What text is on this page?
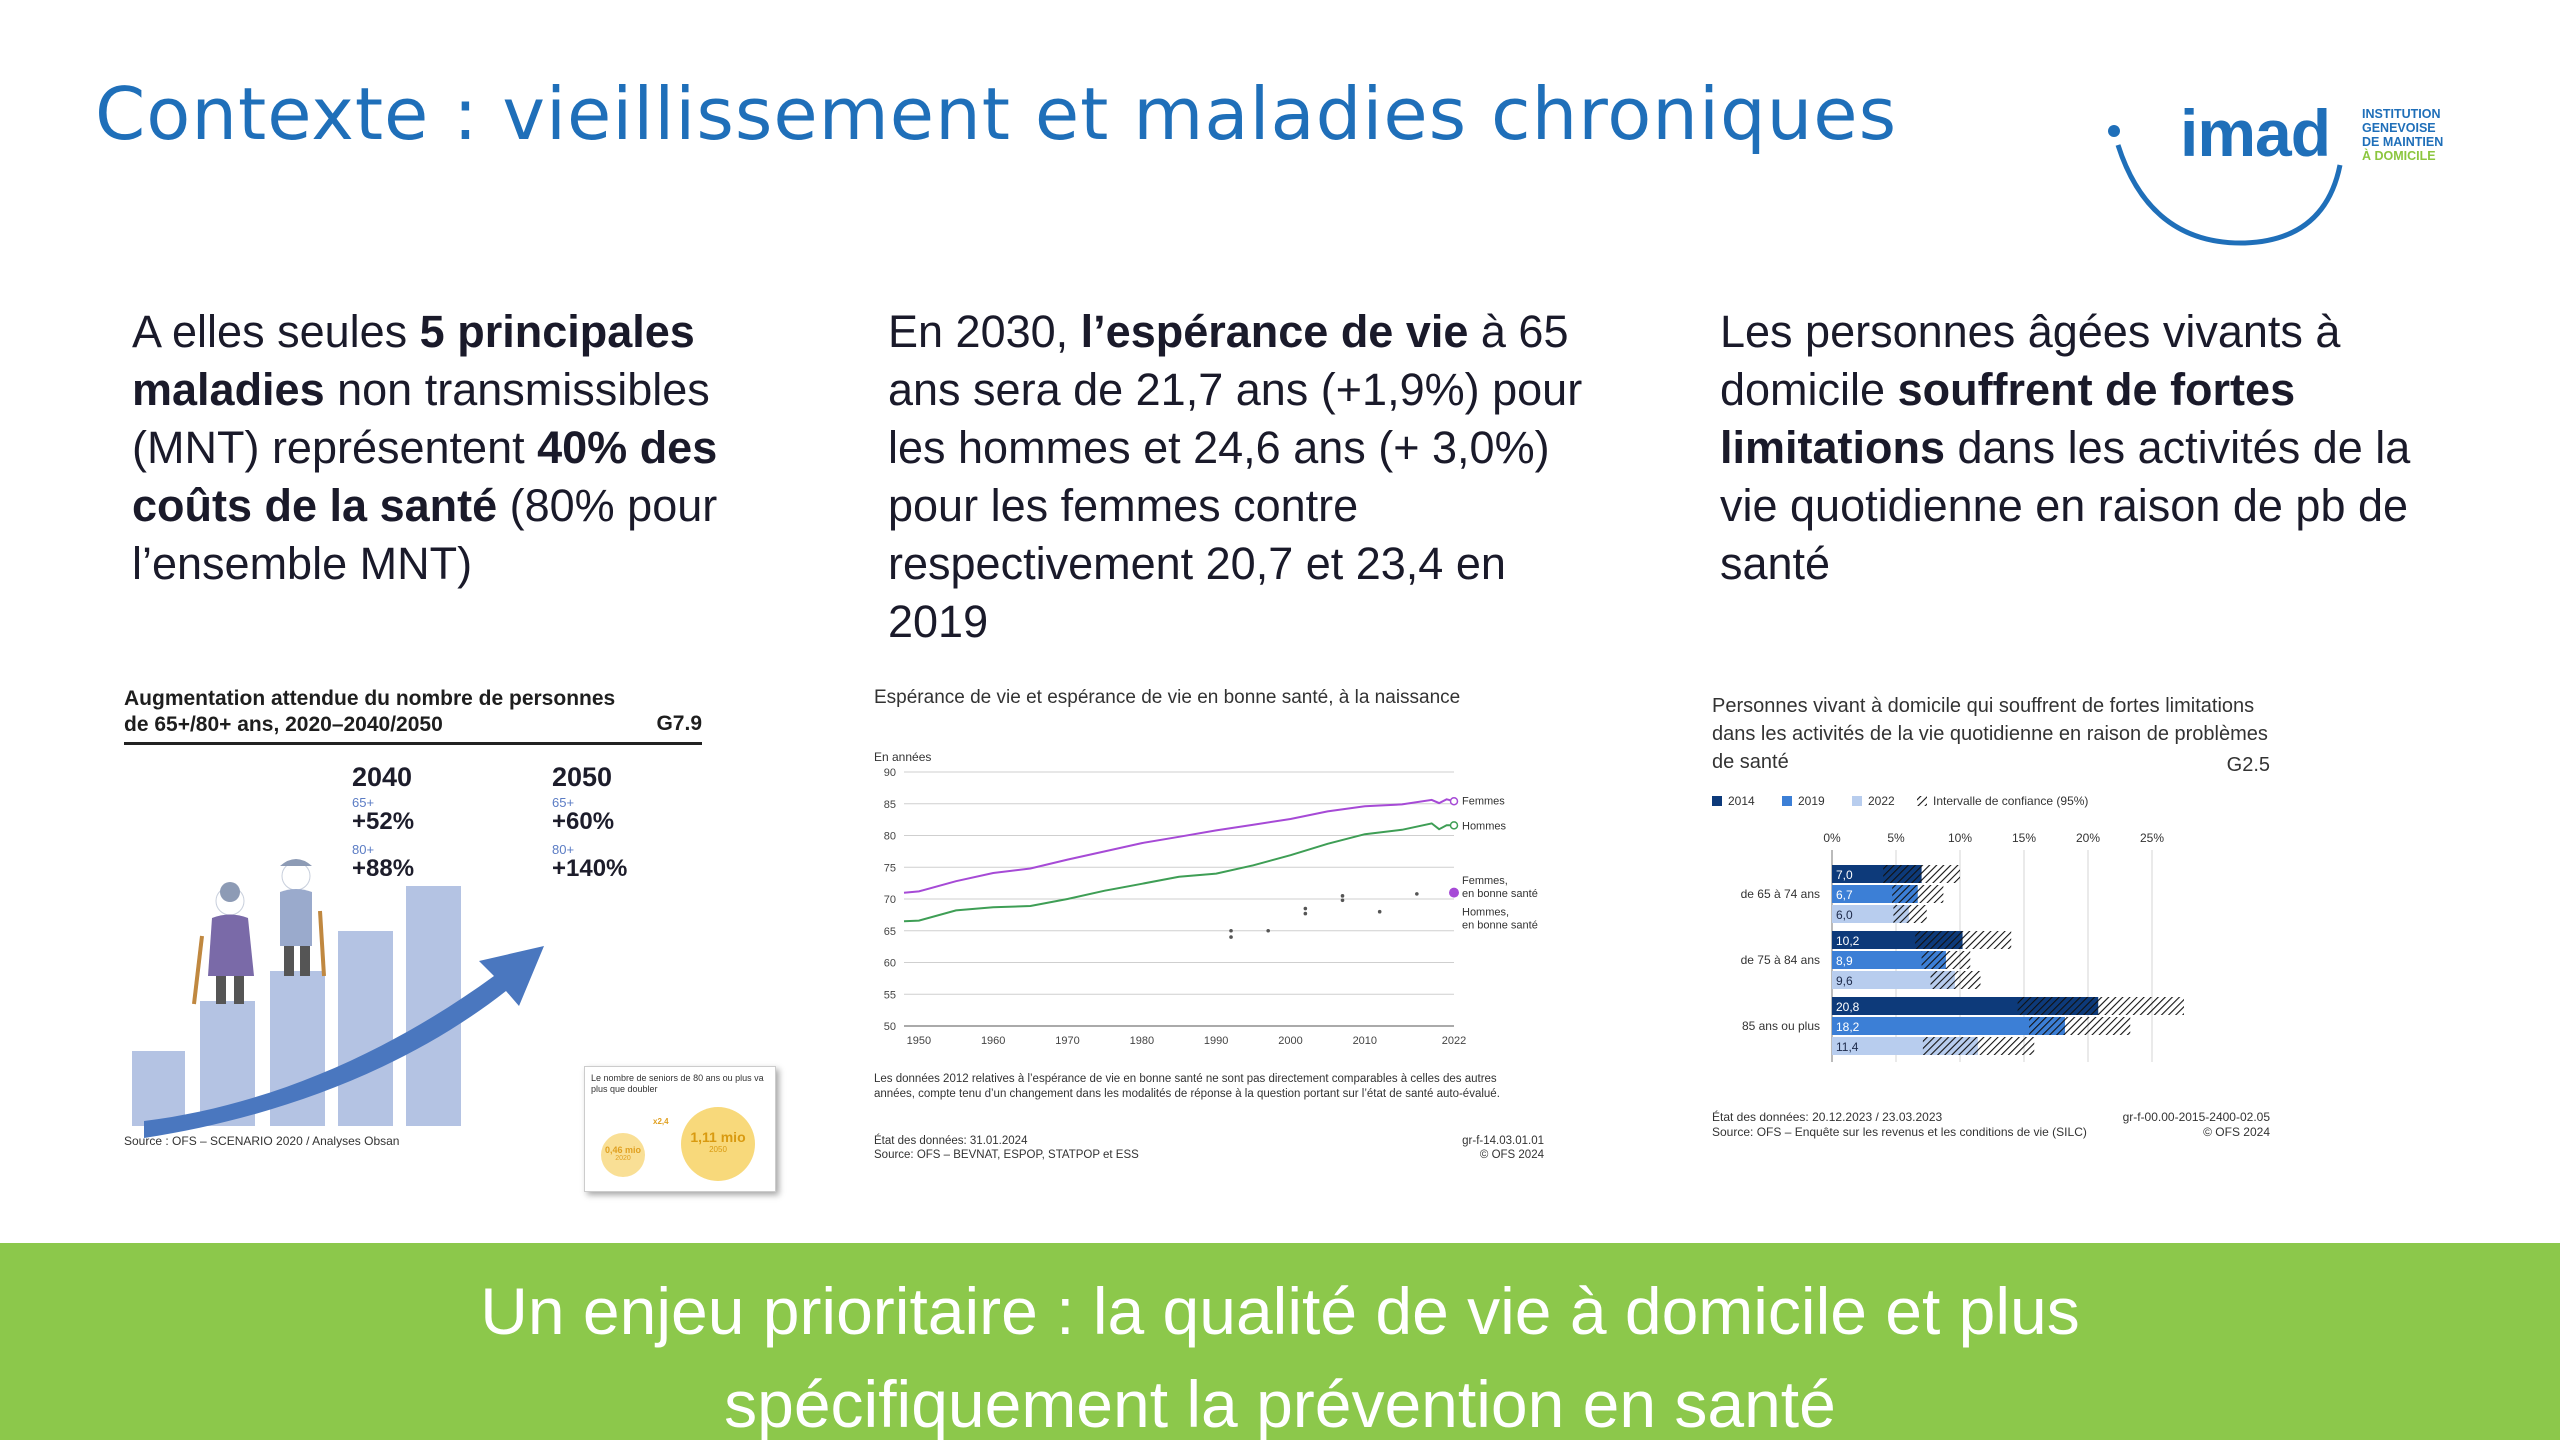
Contexte : vieillissement et maladies chroniques	imad	INSTITUTION
GENEVOISE
DE MAINTIEN
À DOMICILE
A elles seules 5 principales maladies non transmissibles (MNT) représentent 40% des coûts de la santé (80% pour l’ensemble MNT)
En 2030, l’espérance de vie à 65 ans sera de 21,7 ans (+1,9%) pour les hommes et 24,6 ans (+ 3,0%) pour les femmes contre respectivement 20,7 et 23,4 en 2019
Les personnes âgées vivants à domicile souffrent de fortes limitations dans les activités de la vie quotidienne en raison de pb de santé
Augmentation attendue du nombre de personnes de 65+/80+ ans, 2020–2040/2050	G7.9
2040
65+
+52%
80+
+88%
2050
65+
+60%
80+
+140%
Source : OFS – SCENARIO 2020 / Analyses Obsan
Le nombre de seniors de 80 ans ou plus va plus que doubler
0,46 mio
2020
x2,4
1,11 mio
2050
Espérance de vie et espérance de vie en bonne santé, à la naissance
En années
50
55
60
65
70
75
80
85
90
1950	1960	1970	1980	1990	2000	2010	2022
Femmes
Hommes
Femmes,
en bonne santé
Hommes,
en bonne santé
Les données 2012 relatives à l’espérance de vie en bonne santé ne sont pas directement comparables à celles des autres années, compte tenu d’un changement dans les modalités de réponse à la question portant sur l’état de santé auto-évalué.
État des données: 31.01.2024
Source: OFS – BEVNAT, ESPOP, STATPOP et ESS
gr-f-14.03.01.01
© OFS 2024
Personnes vivant à domicile qui souffrent de fortes limitations dans les activités de la vie quotidienne en raison de problèmes de santé	G2.5
2014	2019	2022	Intervalle de confiance (95%)
0%	5%	10%	15%	20%	25%
de 65 à 74 ans
7,0
6,7
6,0
de 75 à 84 ans
10,2
8,9
9,6
85 ans ou plus
20,8
18,2
11,4
État des données: 20.12.2023 / 23.03.2023
Source: OFS – Enquête sur les revenus et les conditions de vie (SILC)
gr-f-00.00-2015-2400-02.05
© OFS 2024
Un enjeu prioritaire : la qualité de vie à domicile et plus
spécifiquement la prévention en santé
